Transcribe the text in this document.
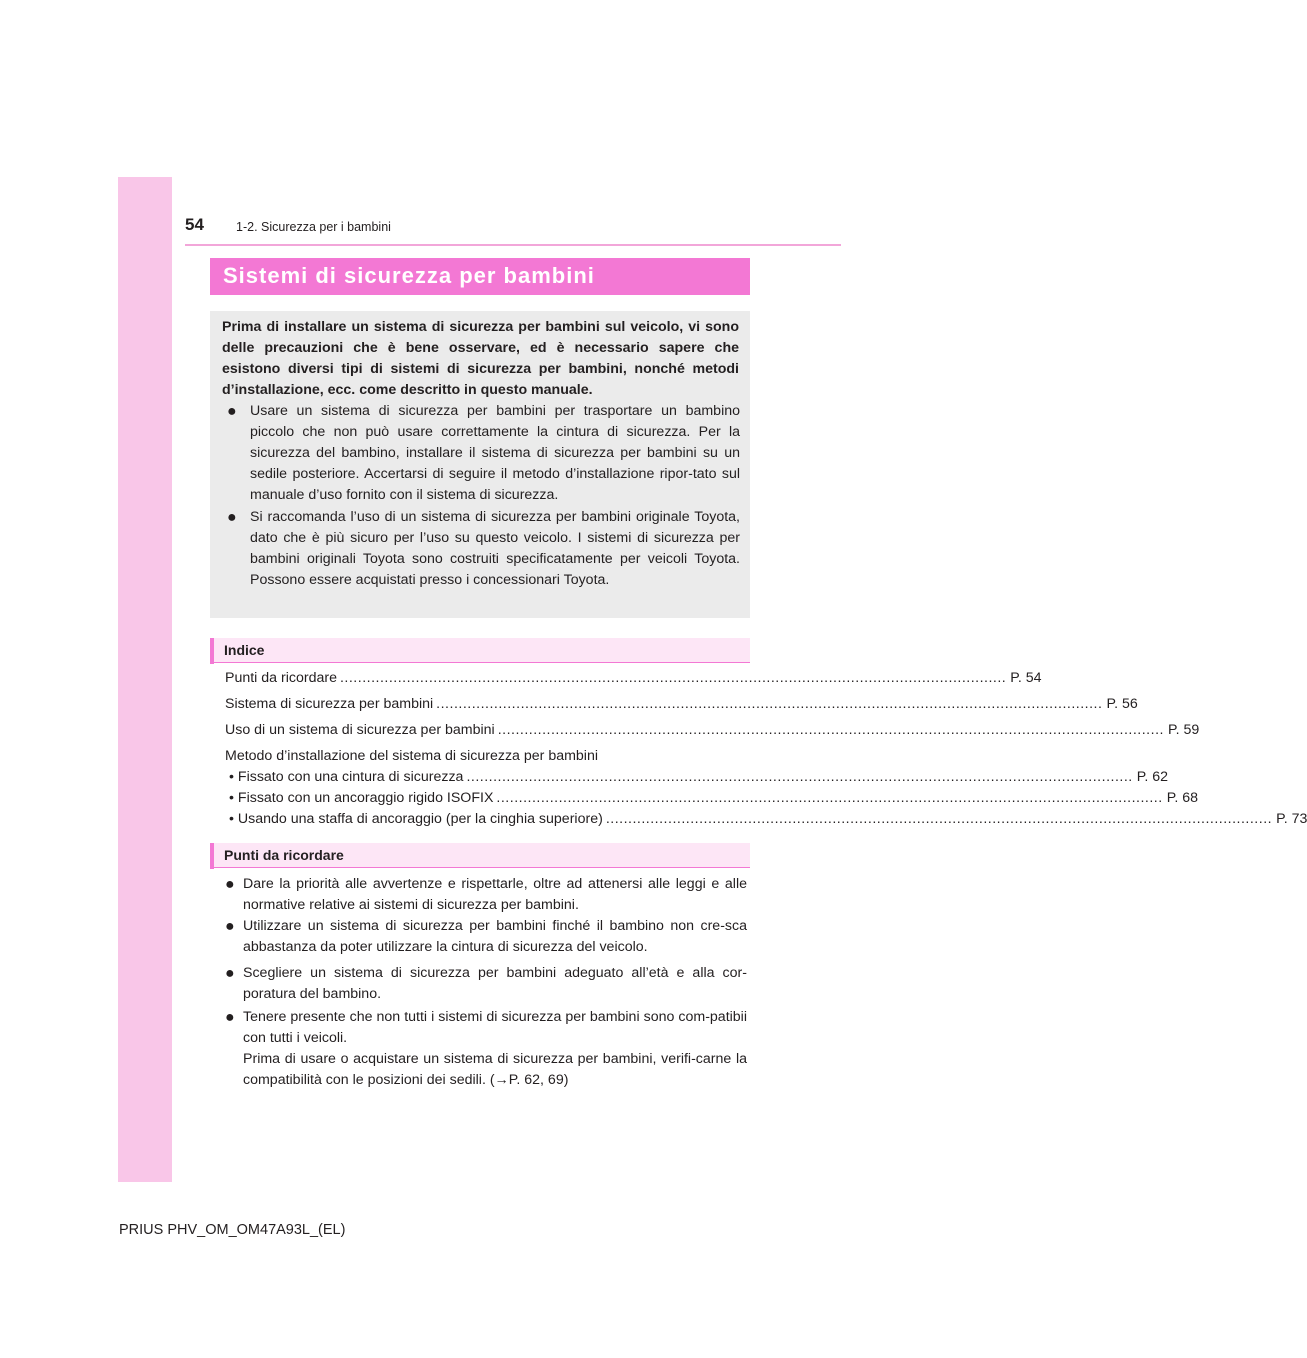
54	1-2. Sicurezza per i bambini
Sistemi di sicurezza per bambini
Prima di installare un sistema di sicurezza per bambini sul veicolo, vi sono delle precauzioni che è bene osservare, ed è necessario sapere che esistono diversi tipi di sistemi di sicurezza per bambini, nonché metodi d’installazione, ecc. come descritto in questo manuale.
● Usare un sistema di sicurezza per bambini per trasportare un bambino piccolo che non può usare correttamente la cintura di sicurezza. Per la sicurezza del bambino, installare il sistema di sicurezza per bambini su un sedile posteriore. Accertarsi di seguire il metodo d’installazione ripor-tato sul manuale d’uso fornito con il sistema di sicurezza.
● Si raccomanda l’uso di un sistema di sicurezza per bambini originale Toyota, dato che è più sicuro per l’uso su questo veicolo. I sistemi di sicurezza per bambini originali Toyota sono costruiti specificatamente per veicoli Toyota. Possono essere acquistati presso i concessionari Toyota.
Indice
Punti da ricordare ...................................................................................................................................................... P. 54
Sistema di sicurezza per bambini ...................................................................................................................................................... P. 56
Uso di un sistema di sicurezza per bambini ...................................................................................................................................................... P. 59
Metodo d’installazione del sistema di sicurezza per bambini
• Fissato con una cintura di sicurezza ...................................................................................................................................................... P. 62
• Fissato con un ancoraggio rigido ISOFIX ...................................................................................................................................................... P. 68
• Usando una staffa di ancoraggio (per la cinghia superiore) ...................................................................................................................................................... P. 73
Punti da ricordare
● Dare la priorità alle avvertenze e rispettarle, oltre ad attenersi alle leggi e alle normative relative ai sistemi di sicurezza per bambini.
● Utilizzare un sistema di sicurezza per bambini finché il bambino non cre-sca abbastanza da poter utilizzare la cintura di sicurezza del veicolo.
● Scegliere un sistema di sicurezza per bambini adeguato all’età e alla cor-poratura del bambino.
● Tenere presente che non tutti i sistemi di sicurezza per bambini sono com-patibii con tutti i veicoli.
Prima di usare o acquistare un sistema di sicurezza per bambini, verifi-carne la compatibilità con le posizioni dei sedili. (→P. 62, 69)
PRIUS PHV_OM_OM47A93L_(EL)
